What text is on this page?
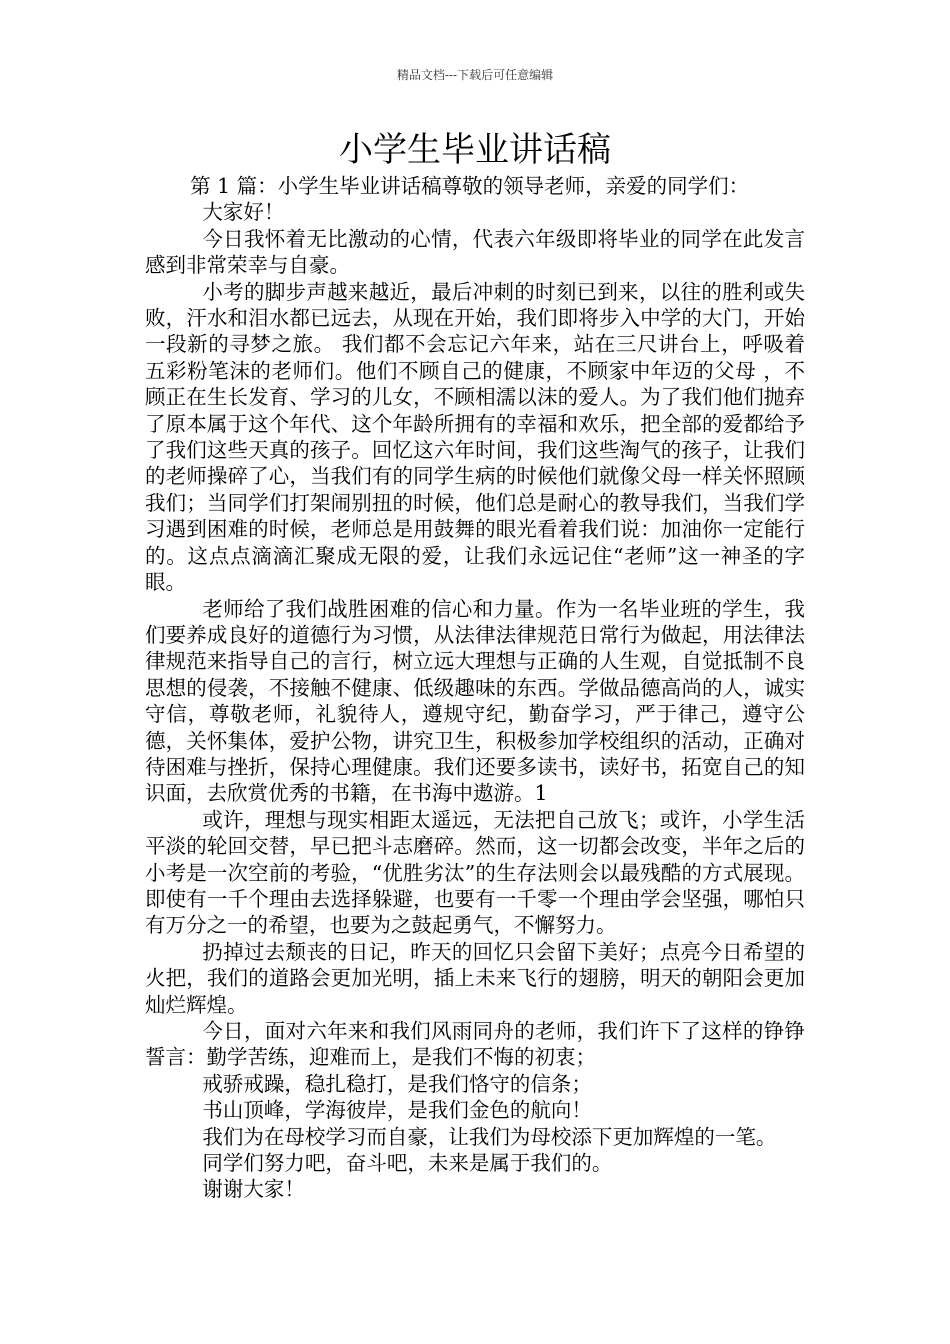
精品文档---下载后可任意编辑
小学生毕业讲话稿

第 1 篇：小学生毕业讲话稿尊敬的领导老师，亲爱的同学们：

大家好！

今日我怀着无比激动的心情，代表六年级即将毕业的同学在此发言感到非常荣幸与自豪。

小考的脚步声越来越近，最后冲刺的时刻已到来，以往的胜利或失败，汗水和泪水都已远去，从现在开始，我们即将步入中学的大门，开始一段新的寻梦之旅。 我们都不会忘记六年来，站在三尺讲台上，呼吸着五彩粉笔沫的老师们。他们不顾自己的健康，不顾家中年迈的父母 ，不顾正在生长发育、学习的儿女，不顾相濡以沫的爱人。为了我们他们抛弃了原本属于这个年代、这个年龄所拥有的幸福和欢乐，把全部的爱都给予了我们这些天真的孩子。回忆这六年时间，我们这些淘气的孩子，让我们的老师操碎了心，当我们有的同学生病的时候他们就像父母一样关怀照顾我们；当同学们打架闹别扭的时候，他们总是耐心的教导我们，当我们学习遇到困难的时候，老师总是用鼓舞的眼光看着我们说：加油你一定能行的。这点点滴滴汇聚成无限的爱，让我们永远记住“老师”这一神圣的字眼。

老师给了我们战胜困难的信心和力量。作为一名毕业班的学生，我们要养成良好的道德行为习惯，从法律法律规范日常行为做起，用法律法律规范来指导自己的言行，树立远大理想与正确的人生观，自觉抵制不良思想的侵袭，不接触不健康、低级趣味的东西。学做品德高尚的人，诚实守信，尊敬老师，礼貌待人，遵规守纪，勤奋学习，严于律己，遵守公德，关怀集体，爱护公物，讲究卫生，积极参加学校组织的活动，正确对待困难与挫折，保持心理健康。我们还要多读书，读好书，拓宽自己的知识面，去欣赏优秀的书籍，在书海中遨游。1

或许，理想与现实相距太遥远，无法把自己放飞；或许，小学生活平淡的轮回交替，早已把斗志磨碎。然而，这一切都会改变，半年之后的小考是一次空前的考验，“优胜劣汰”的生存法则会以最残酷的方式展现。即使有一千个理由去选择躲避，也要有一千零一个理由学会坚强，哪怕只有万分之一的希望，也要为之鼓起勇气，不懈努力。

扔掉过去颓丧的日记，昨天的回忆只会留下美好；点亮今日希望的火把，我们的道路会更加光明，插上未来飞行的翅膀，明天的朝阳会更加灿烂辉煌。

今日，面对六年来和我们风雨同舟的老师，我们许下了这样的铮铮誓言：勤学苦练，迎难而上，是我们不悔的初衷；

戒骄戒躁，稳扎稳打，是我们恪守的信条；

书山顶峰，学海彼岸，是我们金色的航向！

我们为在母校学习而自豪，让我们为母校添下更加辉煌的一笔。

同学们努力吧，奋斗吧，未来是属于我们的。

谢谢大家！
